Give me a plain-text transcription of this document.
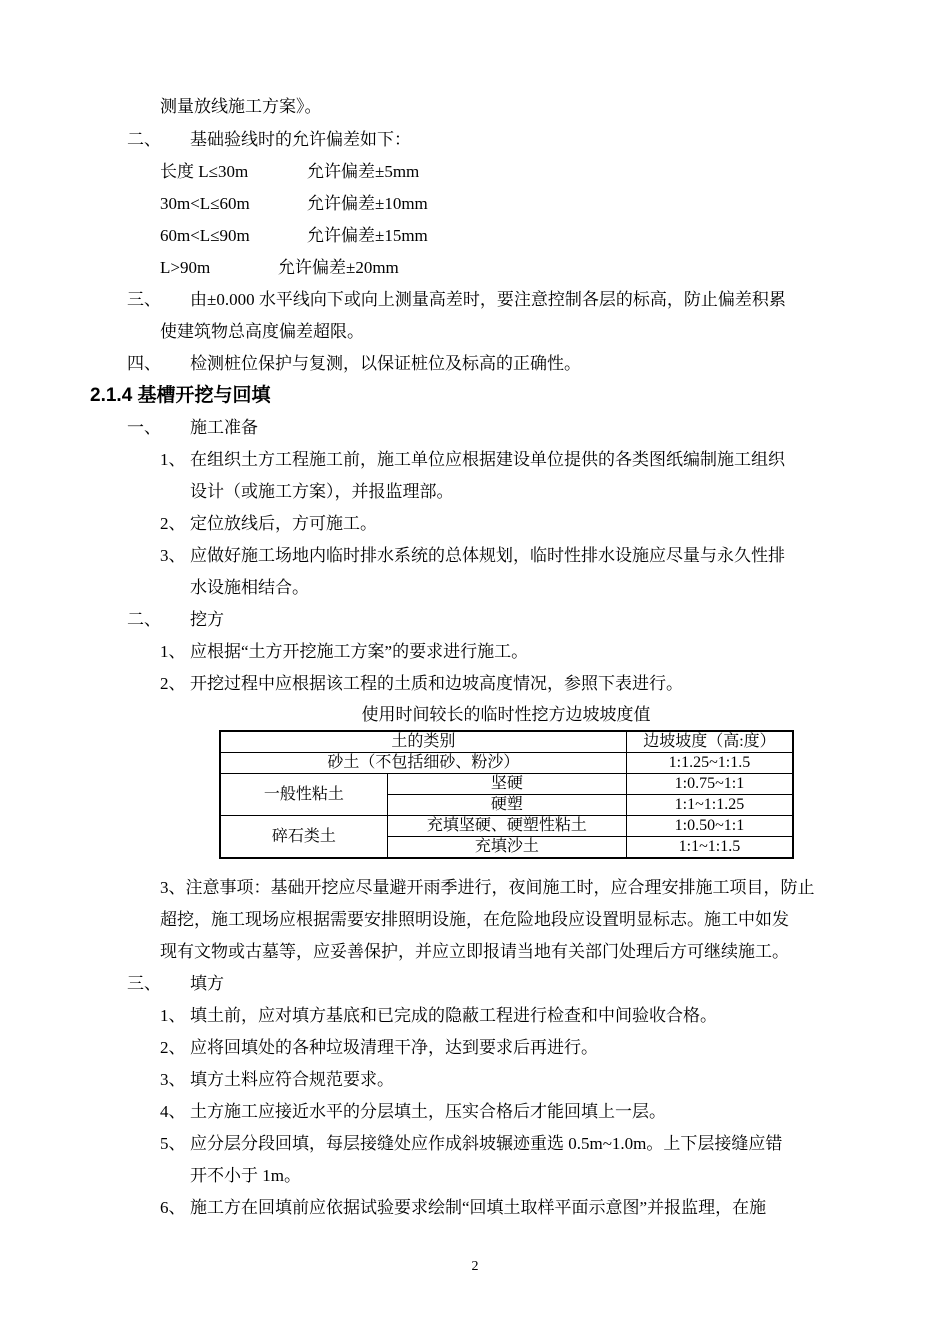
测量放线施工方案》。
二、 基础验线时的允许偏差如下：
长度 L≤30m	允许偏差±5mm
30m<L≤60m	允许偏差±10mm
60m<L≤90m	允许偏差±15mm
L>90m	允许偏差±20mm
三、 由±0.000 水平线向下或向上测量高差时，要注意控制各层的标高，防止偏差积累
使建筑物总高度偏差超限。
四、 检测桩位保护与复测，以保证桩位及标高的正确性。
2.1.4 基槽开挖与回填
一、 施工准备
1、 在组织土方工程施工前，施工单位应根据建设单位提供的各类图纸编制施工组织
设计（或施工方案），并报监理部。
2、 定位放线后，方可施工。
3、 应做好施工场地内临时排水系统的总体规划，临时性排水设施应尽量与永久性排
水设施相结合。
二、 挖方
1、 应根据“土方开挖施工方案”的要求进行施工。
2、 开挖过程中应根据该工程的土质和边坡高度情况，参照下表进行。
使用时间较长的临时性挖方边坡坡度值
土的类别		边坡坡度（高:度）
砂土（不包括细砂、粉沙）		1:1.25~1:1.5
一般性粘土	坚硬	1:0.75~1:1
	硬塑	1:1~1:1.25
碎石类土	充填坚硬、硬塑性粘土	1:0.50~1:1
	充填沙土	1:1~1:1.5
3、注意事项：基础开挖应尽量避开雨季进行，夜间施工时，应合理安排施工项目，防止
超挖，施工现场应根据需要安排照明设施，在危险地段应设置明显标志。施工中如发
现有文物或古墓等，应妥善保护，并应立即报请当地有关部门处理后方可继续施工。
三、 填方
1、 填土前，应对填方基底和已完成的隐蔽工程进行检查和中间验收合格。
2、 应将回填处的各种垃圾清理干净，达到要求后再进行。
3、 填方土料应符合规范要求。
4、 土方施工应接近水平的分层填土，压实合格后才能回填上一层。
5、 应分层分段回填，每层接缝处应作成斜坡辗迹重选 0.5m~1.0m。上下层接缝应错
开不小于 1m。
6、 施工方在回填前应依据试验要求绘制“回填土取样平面示意图”并报监理，在施
2
